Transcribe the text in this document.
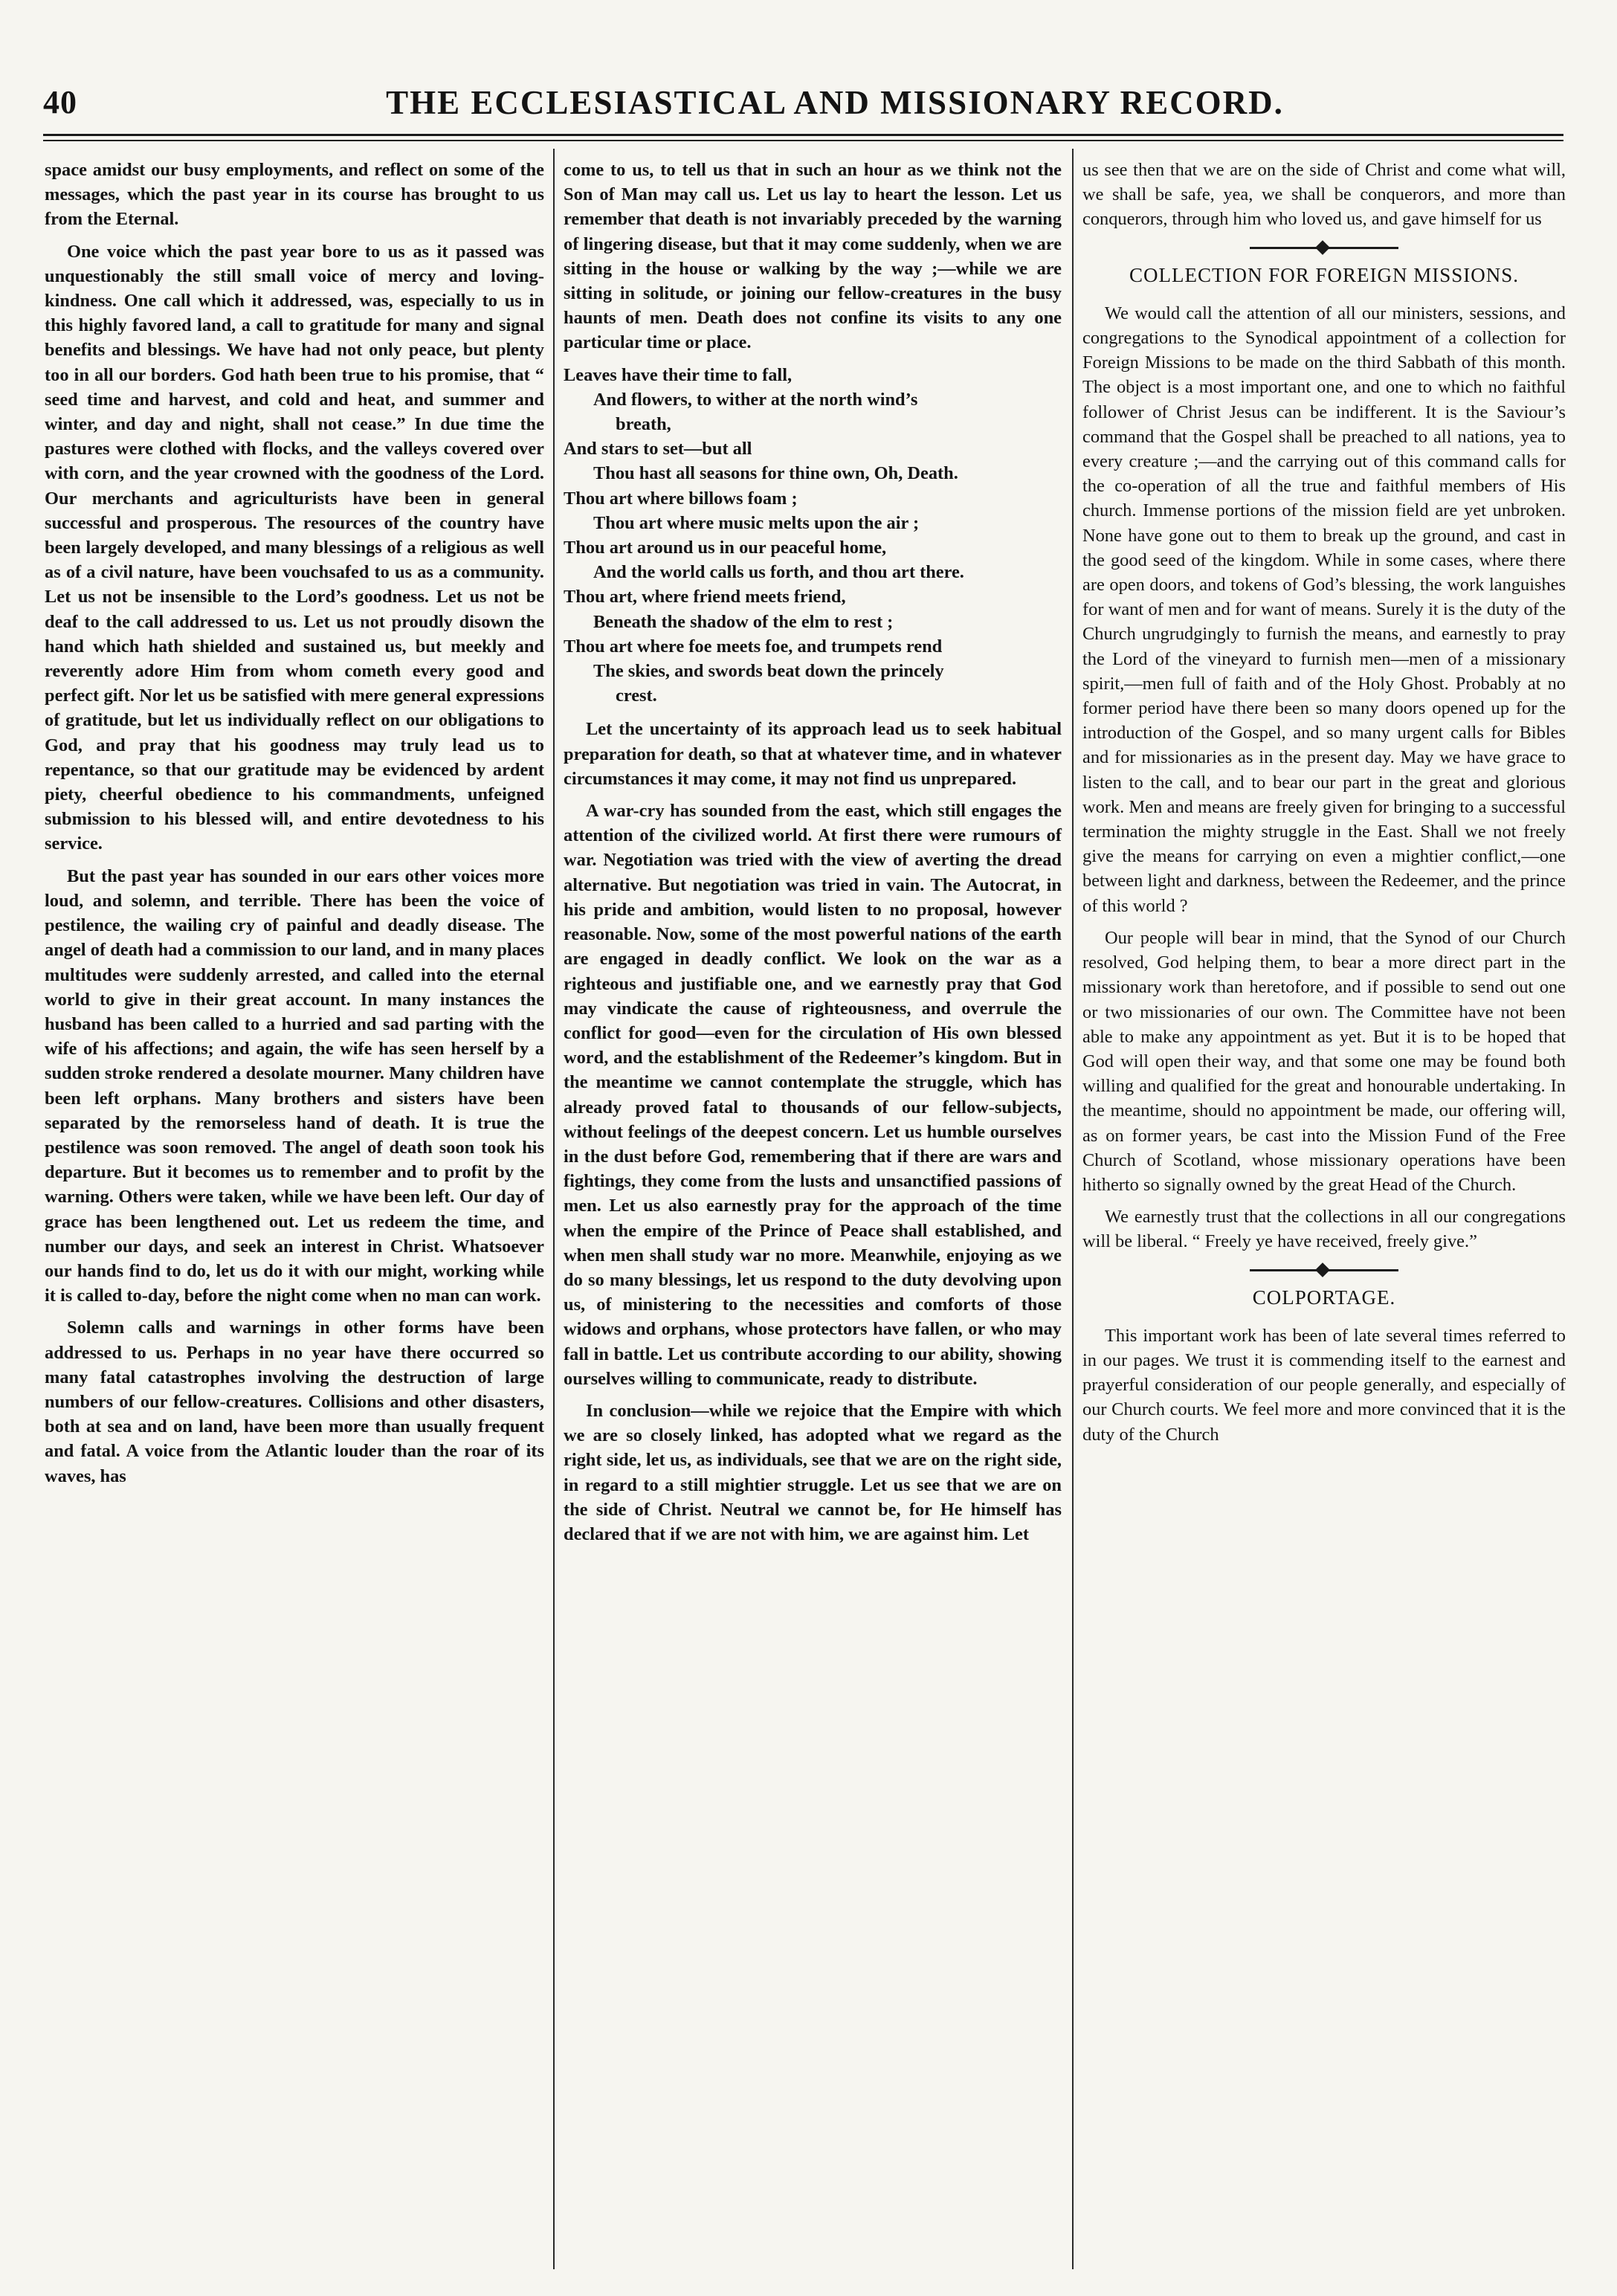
40	THE ECCLESIASTICAL AND MISSIONARY RECORD.

space amidst our busy employments, and reflect on some of the messages, which the past year in its course has brought to us from the Eternal.

One voice which the past year bore to us as it passed was unquestionably the still small voice of mercy and loving-kindness. One call which it addressed, was, especially to us in this highly favored land, a call to gratitude for many and signal benefits and blessings. We have had not only peace, but plenty too in all our borders. God hath been true to his promise, that “ seed time and harvest, and cold and heat, and summer and winter, and day and night, shall not cease.” In due time the pastures were clothed with flocks, and the valleys covered over with corn, and the year crowned with the goodness of the Lord. Our merchants and agriculturists have been in general successful and prosperous. The resources of the country have been largely developed, and many blessings of a religious as well as of a civil nature, have been vouchsafed to us as a community. Let us not be insensible to the Lord’s goodness. Let us not be deaf to the call addressed to us. Let us not proudly disown the hand which hath shielded and sustained us, but meekly and reverently adore Him from whom cometh every good and perfect gift. Nor let us be satisfied with mere general expressions of gratitude, but let us individually reflect on our obligations to God, and pray that his goodness may truly lead us to repentance, so that our gratitude may be evidenced by ardent piety, cheerful obedience to his commandments, unfeigned submission to his blessed will, and entire devotedness to his service.

But the past year has sounded in our ears other voices more loud, and solemn, and terrible. There has been the voice of pestilence, the wailing cry of painful and deadly disease. The angel of death had a commission to our land, and in many places multitudes were suddenly arrested, and called into the eternal world to give in their great account. In many instances the husband has been called to a hurried and sad parting with the wife of his affections; and again, the wife has seen herself by a sudden stroke rendered a desolate mourner. Many children have been left orphans. Many brothers and sisters have been separated by the remorseless hand of death. It is true the pestilence was soon removed. The angel of death soon took his departure. But it becomes us to remember and to profit by the warning. Others were taken, while we have been left. Our day of grace has been lengthened out. Let us redeem the time, and number our days, and seek an interest in Christ. Whatsoever our hands find to do, let us do it with our might, working while it is called to-day, before the night come when no man can work.

Solemn calls and warnings in other forms have been addressed to us. Perhaps in no year have there occurred so many fatal catastrophes involving the destruction of large numbers of our fellow-creatures. Collisions and other disasters, both at sea and on land, have been more than usually frequent and fatal. A voice from the Atlantic louder than the roar of its waves, has

come to us, to tell us that in such an hour as we think not the Son of Man may call us. Let us lay to heart the lesson. Let us remember that death is not invariably preceded by the warning of lingering disease, but that it may come suddenly, when we are sitting in the house or walking by the way ;—while we are sitting in solitude, or joining our fellow-creatures in the busy haunts of men. Death does not confine its visits to any one particular time or place.

Leaves have their time to fall,
And flowers, to wither at the north wind’s
breath,
And stars to set—but all
Thou hast all seasons for thine own, Oh, Death.
Thou art where billows foam ;
Thou art where music melts upon the air ;
Thou art around us in our peaceful home,
And the world calls us forth, and thou art there.
Thou art, where friend meets friend,
Beneath the shadow of the elm to rest ;
Thou art where foe meets foe, and trumpets rend
The skies, and swords beat down the princely
crest.

Let the uncertainty of its approach lead us to seek habitual preparation for death, so that at whatever time, and in whatever circumstances it may come, it may not find us unprepared.

A war-cry has sounded from the east, which still engages the attention of the civilized world. At first there were rumours of war. Negotiation was tried with the view of averting the dread alternative. But negotiation was tried in vain. The Autocrat, in his pride and ambition, would listen to no proposal, however reasonable. Now, some of the most powerful nations of the earth are engaged in deadly conflict. We look on the war as a righteous and justifiable one, and we earnestly pray that God may vindicate the cause of righteousness, and overrule the conflict for good—even for the circulation of His own blessed word, and the establishment of the Redeemer’s kingdom. But in the meantime we cannot contemplate the struggle, which has already proved fatal to thousands of our fellow-subjects, without feelings of the deepest concern. Let us humble ourselves in the dust before God, remembering that if there are wars and fightings, they come from the lusts and unsanctified passions of men. Let us also earnestly pray for the approach of the time when the empire of the Prince of Peace shall established, and when men shall study war no more. Meanwhile, enjoying as we do so many blessings, let us respond to the duty devolving upon us, of ministering to the necessities and comforts of those widows and orphans, whose protectors have fallen, or who may fall in battle. Let us contribute according to our ability, showing ourselves willing to communicate, ready to distribute.

In conclusion—while we rejoice that the Empire with which we are so closely linked, has adopted what we regard as the right side, let us, as individuals, see that we are on the right side, in regard to a still mightier struggle. Let us see that we are on the side of Christ. Neutral we cannot be, for He himself has declared that if we are not with him, we are against him. Let

us see then that we are on the side of Christ and come what will, we shall be safe, yea, we shall be conquerors, and more than conquerors, through him who loved us, and gave himself for us

COLLECTION FOR FOREIGN MISSIONS.

We would call the attention of all our ministers, sessions, and congregations to the Synodical appointment of a collection for Foreign Missions to be made on the third Sabbath of this month. The object is a most important one, and one to which no faithful follower of Christ Jesus can be indifferent. It is the Saviour’s command that the Gospel shall be preached to all nations, yea to every creature ;—and the carrying out of this command calls for the co-operation of all the true and faithful members of His church. Immense portions of the mission field are yet unbroken. None have gone out to them to break up the ground, and cast in the good seed of the kingdom. While in some cases, where there are open doors, and tokens of God’s blessing, the work languishes for want of men and for want of means. Surely it is the duty of the Church ungrudgingly to furnish the means, and earnestly to pray the Lord of the vineyard to furnish men—men of a missionary spirit,—men full of faith and of the Holy Ghost. Probably at no former period have there been so many doors opened up for the introduction of the Gospel, and so many urgent calls for Bibles and for missionaries as in the present day. May we have grace to listen to the call, and to bear our part in the great and glorious work. Men and means are freely given for bringing to a successful termination the mighty struggle in the East. Shall we not freely give the means for carrying on even a mightier conflict,—one between light and darkness, between the Redeemer, and the prince of this world ?

Our people will bear in mind, that the Synod of our Church resolved, God helping them, to bear a more direct part in the missionary work than heretofore, and if possible to send out one or two missionaries of our own. The Committee have not been able to make any appointment as yet. But it is to be hoped that God will open their way, and that some one may be found both willing and qualified for the great and honourable undertaking. In the meantime, should no appointment be made, our offering will, as on former years, be cast into the Mission Fund of the Free Church of Scotland, whose missionary operations have been hitherto so signally owned by the great Head of the Church.

We earnestly trust that the collections in all our congregations will be liberal. “ Freely ye have received, freely give.”

COLPORTAGE.

This important work has been of late several times referred to in our pages. We trust it is commending itself to the earnest and prayerful consideration of our people generally, and especially of our Church courts. We feel more and more convinced that it is the duty of the Church
